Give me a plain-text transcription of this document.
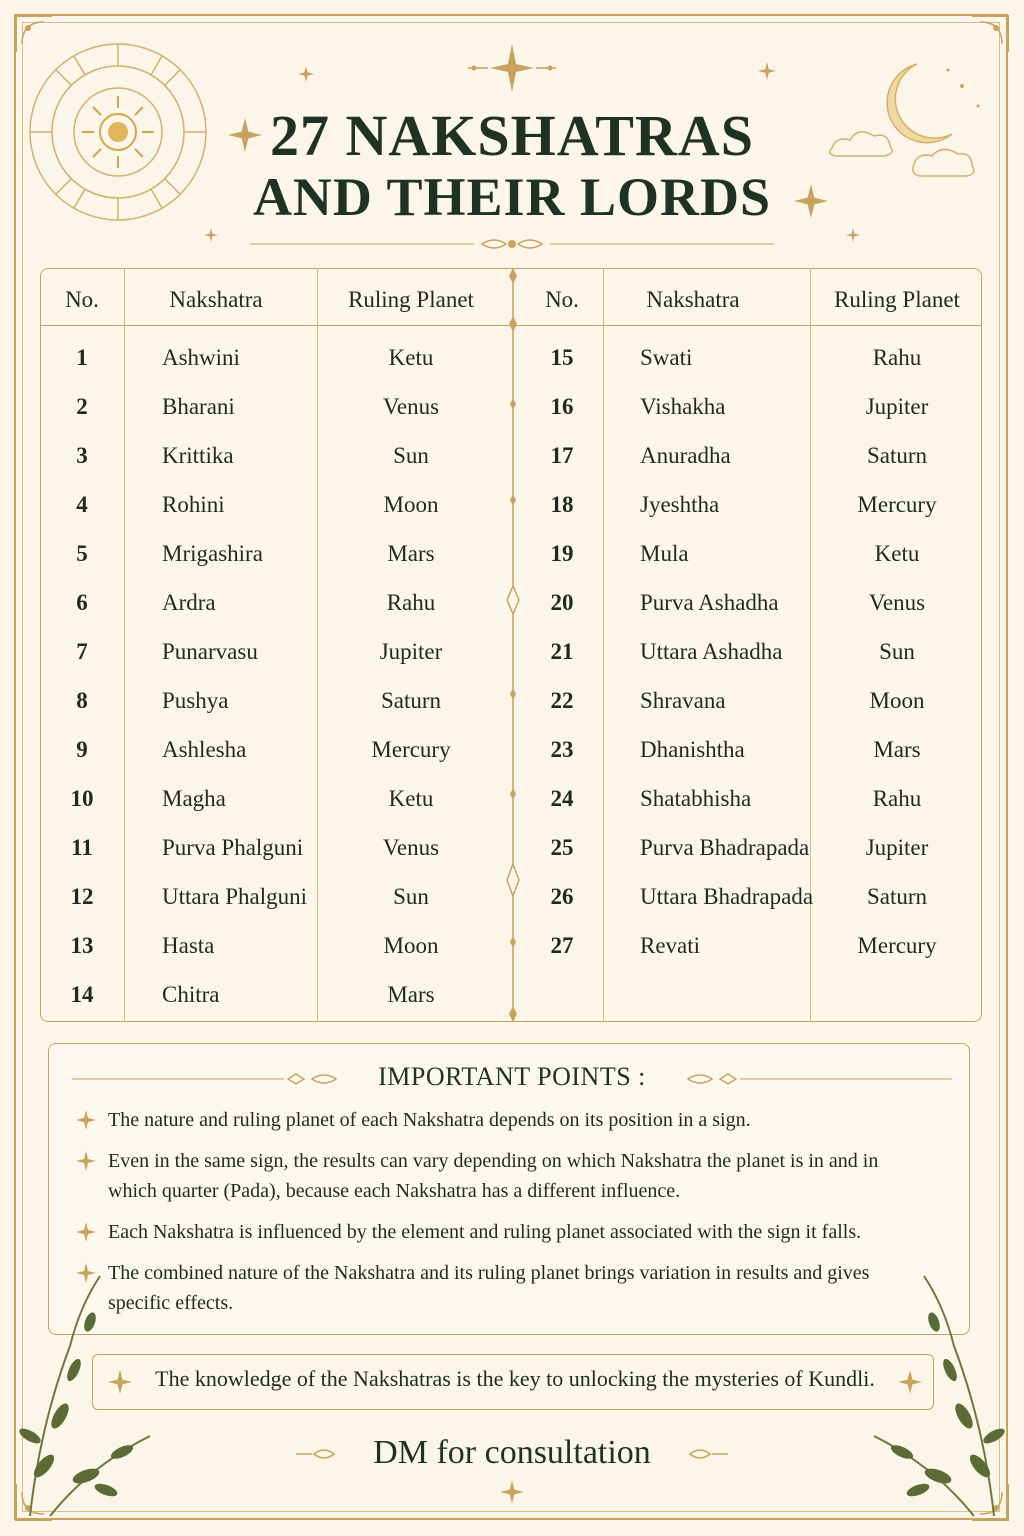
27 NAKSHATRAS
AND THEIR LORDS
No.	Nakshatra	Ruling Planet	No.	Nakshatra	Ruling Planet
1	Ashwini	Ketu
2	Bharani	Venus
3	Krittika	Sun
4	Rohini	Moon
5	Mrigashira	Mars
6	Ardra	Rahu
7	Punarvasu	Jupiter
8	Pushya	Saturn
9	Ashlesha	Mercury
10	Magha	Ketu
11	Purva Phalguni	Venus
12	Uttara Phalguni	Sun
13	Hasta	Moon
14	Chitra	Mars
15	Swati	Rahu
16	Vishakha	Jupiter
17	Anuradha	Saturn
18	Jyeshtha	Mercury
19	Mula	Ketu
20	Purva Ashadha	Venus
21	Uttara Ashadha	Sun
22	Shravana	Moon
23	Dhanishtha	Mars
24	Shatabhisha	Rahu
25	Purva Bhadrapada	Jupiter
26	Uttara Bhadrapada	Saturn
27	Revati	Mercury
IMPORTANT POINTS :
The nature and ruling planet of each Nakshatra depends on its position in a sign.
Even in the same sign, the results can vary depending on which Nakshatra the planet is in and in which quarter (Pada), because each Nakshatra has a different influence.
Each Nakshatra is influenced by the element and ruling planet associated with the sign it falls.
The combined nature of the Nakshatra and its ruling planet brings variation in results and gives specific effects.
The knowledge of the Nakshatras is the key to unlocking the mysteries of Kundli.
DM for consultation
